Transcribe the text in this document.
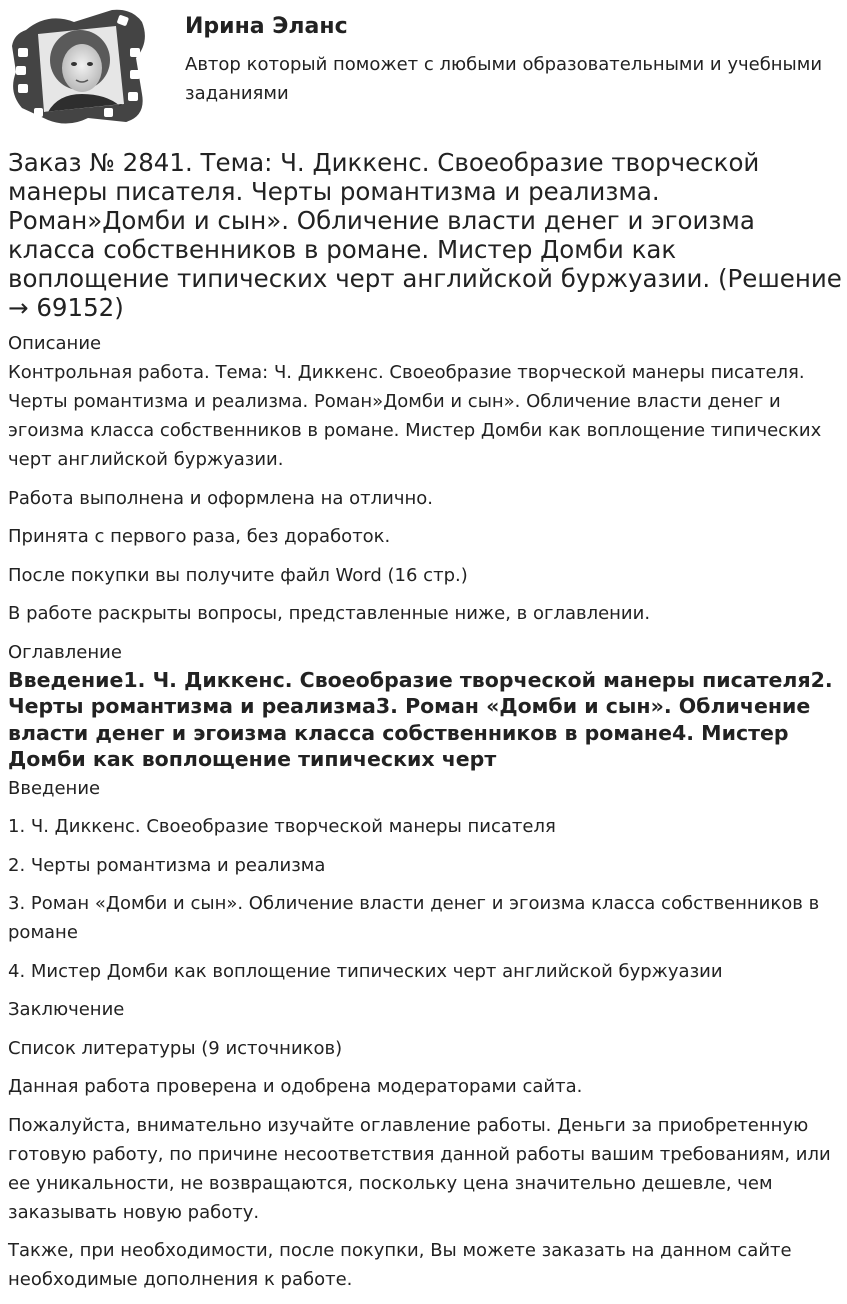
Ирина Эланс

Автор который поможет с любыми образовательными и учебными заданиями

Заказ № 2841. Тема: Ч. Диккенс. Своеобразие творческой манеры писателя. Черты романтизма и реализма. Роман»Домби и сын». Обличение власти денег и эгоизма класса собственников в романе. Мистер Домби как воплощение типических черт английской буржуазии. (Решение → 69152)

Описание

Контрольная работа. Тема: Ч. Диккенс. Своеобразие творческой манеры писателя. Черты романтизма и реализма. Роман»Домби и сын». Обличение власти денег и эгоизма класса собственников в романе. Мистер Домби как воплощение типических черт английской буржуазии.

Работа выполнена и оформлена на отлично.

Принята с первого раза, без доработок.

После покупки вы получите файл Word (16 стр.)

В работе раскрыты вопросы, представленные ниже, в оглавлении.

Оглавление

Введение1. Ч. Диккенс. Своеобразие творческой манеры писателя2. Черты романтизма и реализма3. Роман «Домби и сын». Обличение власти денег и эгоизма класса собственников в романе4. Мистер Домби как воплощение типических черт

Введение

1. Ч. Диккенс. Своеобразие творческой манеры писателя

2. Черты романтизма и реализма

3. Роман «Домби и сын». Обличение власти денег и эгоизма класса собственников в романе

4. Мистер Домби как воплощение типических черт английской буржуазии

Заключение

Список литературы (9 источников)

Данная работа проверена и одобрена модераторами сайта.

Пожалуйста, внимательно изучайте оглавление работы. Деньги за приобретенную готовую работу, по причине несоответствия данной работы вашим требованиям, или ее уникальности, не возвращаются, поскольку цена значительно дешевле, чем заказывать новую работу.

Также, при необходимости, после покупки, Вы можете заказать на данном сайте необходимые дополнения к работе.
